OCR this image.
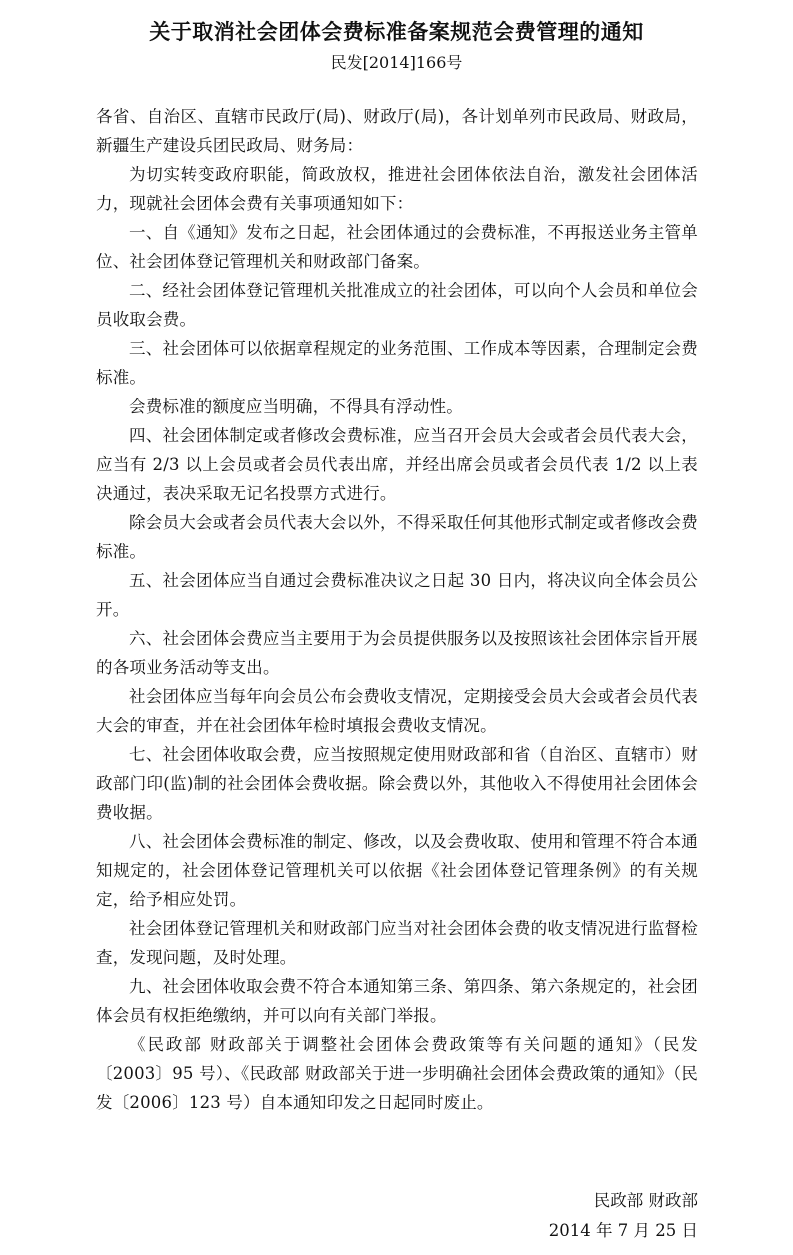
关于取消社会团体会费标准备案规范会费管理的通知
民发[2014]166号

各省、自治区、直辖市民政厅(局)、财政厅(局)，各计划单列市民政局、财政局，新疆生产建设兵团民政局、财务局：

为切实转变政府职能，简政放权，推进社会团体依法自治，激发社会团体活力，现就社会团体会费有关事项通知如下：

一、自《通知》发布之日起，社会团体通过的会费标准，不再报送业务主管单位、社会团体登记管理机关和财政部门备案。

二、经社会团体登记管理机关批准成立的社会团体，可以向个人会员和单位会员收取会费。

三、社会团体可以依据章程规定的业务范围、工作成本等因素，合理制定会费标准。

会费标准的额度应当明确，不得具有浮动性。

四、社会团体制定或者修改会费标准，应当召开会员大会或者会员代表大会，应当有 2/3 以上会员或者会员代表出席，并经出席会员或者会员代表 1/2 以上表决通过，表决采取无记名投票方式进行。

除会员大会或者会员代表大会以外，不得采取任何其他形式制定或者修改会费标准。

五、社会团体应当自通过会费标准决议之日起 30 日内，将决议向全体会员公开。

六、社会团体会费应当主要用于为会员提供服务以及按照该社会团体宗旨开展的各项业务活动等支出。

社会团体应当每年向会员公布会费收支情况，定期接受会员大会或者会员代表大会的审查，并在社会团体年检时填报会费收支情况。

七、社会团体收取会费，应当按照规定使用财政部和省（自治区、直辖市）财政部门印(监)制的社会团体会费收据。除会费以外，其他收入不得使用社会团体会费收据。

八、社会团体会费标准的制定、修改，以及会费收取、使用和管理不符合本通知规定的，社会团体登记管理机关可以依据《社会团体登记管理条例》的有关规定，给予相应处罚。

社会团体登记管理机关和财政部门应当对社会团体会费的收支情况进行监督检查，发现问题，及时处理。

九、社会团体收取会费不符合本通知第三条、第四条、第六条规定的，社会团体会员有权拒绝缴纳，并可以向有关部门举报。

《民政部 财政部关于调整社会团体会费政策等有关问题的通知》（民发〔2003〕95 号）、《民政部 财政部关于进一步明确社会团体会费政策的通知》（民发〔2006〕123 号）自本通知印发之日起同时废止。

民政部 财政部
2014 年 7 月 25 日
